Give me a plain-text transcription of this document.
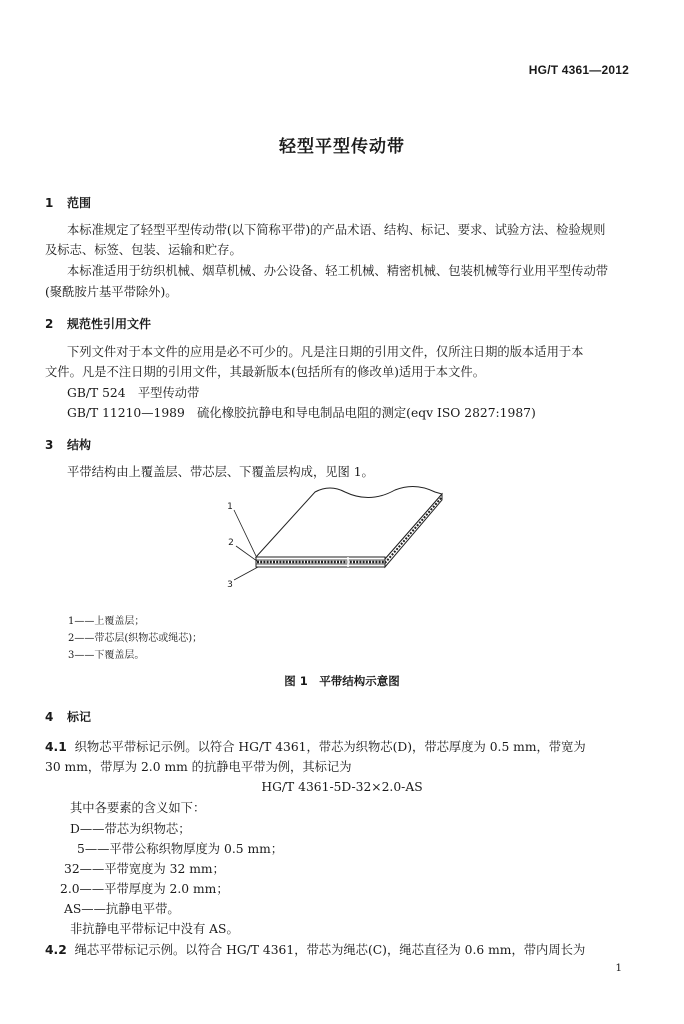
HG/T 4361—2012
轻型平型传动带
1 范围
本标准规定了轻型平型传动带(以下简称平带)的产品术语、结构、标记、要求、试验方法、检验规则
及标志、标签、包装、运输和贮存。
本标准适用于纺织机械、烟草机械、办公设备、轻工机械、精密机械、包装机械等行业用平型传动带
(聚酰胺片基平带除外)。
2 规范性引用文件
下列文件对于本文件的应用是必不可少的。凡是注日期的引用文件，仅所注日期的版本适用于本
文件。凡是不注日期的引用文件，其最新版本(包括所有的修改单)适用于本文件。
GB/T 524　平型传动带
GB/T 11210—1989　硫化橡胶抗静电和导电制品电阻的测定(eqv ISO 2827:1987)
3 结构
平带结构由上覆盖层、带芯层、下覆盖层构成，见图 1。
1
2
3
1——上覆盖层；
2——带芯层(织物芯或绳芯)；
3——下覆盖层。
图 1　平带结构示意图
4 标记
4.1 织物芯平带标记示例。以符合 HG/T 4361，带芯为织物芯(D)，带芯厚度为 0.5 mm，带宽为
30 mm，带厚为 2.0 mm 的抗静电平带为例，其标记为
HG/T 4361-5D-32×2.0-AS
其中各要素的含义如下：
D——带芯为织物芯；
5——平带公称织物厚度为 0.5 mm；
32——平带宽度为 32 mm；
2.0——平带厚度为 2.0 mm；
AS——抗静电平带。
非抗静电平带标记中没有 AS。
4.2 绳芯平带标记示例。以符合 HG/T 4361，带芯为绳芯(C)，绳芯直径为 0.6 mm，带内周长为
1
